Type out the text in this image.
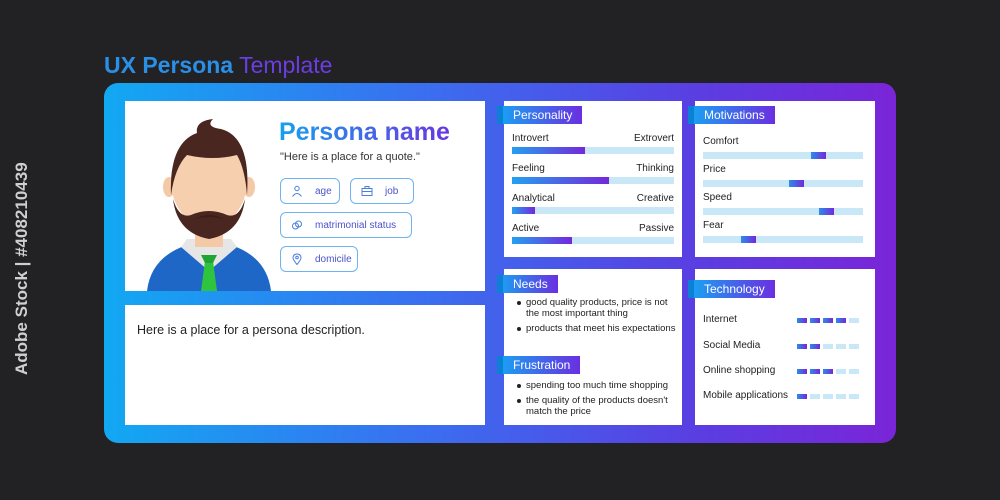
UX Persona Template
Adobe Stock | #408210439
Persona name
"Here is a place for a quote."
age	job
matrimonial status
domicile
Here is a place for a persona description.
Introvert	Extrovert
Feeling	Thinking
Analytical	Creative
Active	Passive
Personality
Comfort
Price
Speed
Fear
Motivations
good quality products, price is not the most important thing
products that meet his expectations
spending too much time shopping
the quality of the products doesn't match the price
Needs
Frustration
Internet
Social Media
Online shopping
Mobile applications
Technology
